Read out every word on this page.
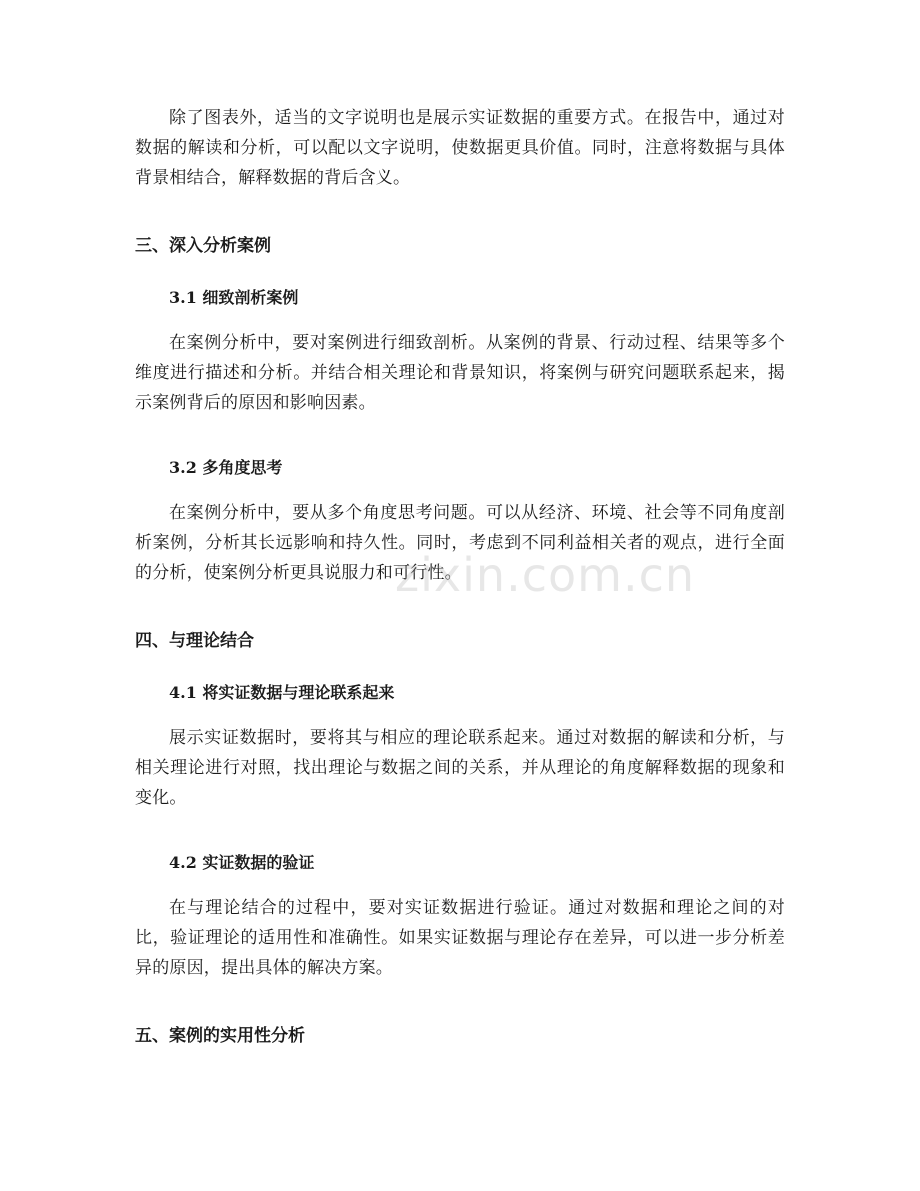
除了图表外，适当的文字说明也是展示实证数据的重要方式。在报告中，通过对数据的解读和分析，可以配以文字说明，使数据更具价值。同时，注意将数据与具体背景相结合，解释数据的背后含义。

三、深入分析案例
3.1 细致剖析案例

在案例分析中，要对案例进行细致剖析。从案例的背景、行动过程、结果等多个维度进行描述和分析。并结合相关理论和背景知识，将案例与研究问题联系起来，揭示案例背后的原因和影响因素。

3.2 多角度思考

在案例分析中，要从多个角度思考问题。可以从经济、环境、社会等不同角度剖析案例，分析其长远影响和持久性。同时，考虑到不同利益相关者的观点，进行全面的分析，使案例分析更具说服力和可行性。

四、与理论结合
4.1 将实证数据与理论联系起来

展示实证数据时，要将其与相应的理论联系起来。通过对数据的解读和分析，与相关理论进行对照，找出理论与数据之间的关系，并从理论的角度解释数据的现象和变化。

4.2 实证数据的验证

在与理论结合的过程中，要对实证数据进行验证。通过对数据和理论之间的对比，验证理论的适用性和准确性。如果实证数据与理论存在差异，可以进一步分析差异的原因，提出具体的解决方案。

五、案例的实用性分析
zixin.com.cn
